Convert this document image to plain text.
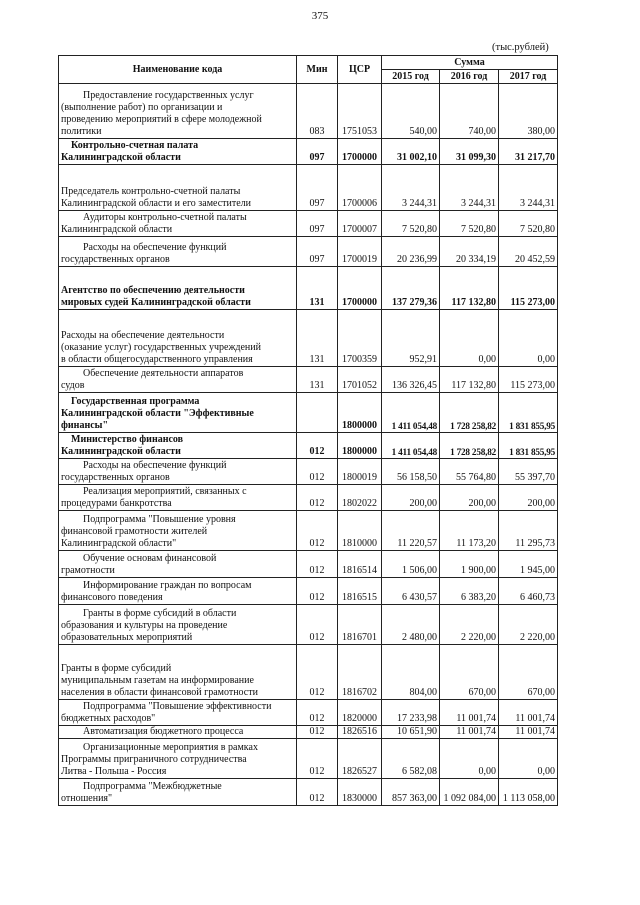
375
(тыс.рублей)
Наименование кода	Мин	ЦСР	Сумма		
			2015 год	2016 год	2017 год

Предоставление государственных услуг
(выполнение работ) по организации и
проведению мероприятий в сфере молодежной
политики	083	1751053	540,00	740,00	380,00

Контрольно-счетная палата
Калининградской области	097	1700000	31 002,10	31 099,30	31 217,70

Председатель контрольно-счетной палаты
Калининградской области и его заместители	097	1700006	3 244,31	3 244,31	3 244,31

Аудиторы контрольно-счетной палаты
Калининградской области	097	1700007	7 520,80	7 520,80	7 520,80

Расходы на обеспечение функций
государственных органов	097	1700019	20 236,99	20 334,19	20 452,59

Агентство по обеспечению деятельности
мировых судей Калининградской области	131	1700000	137 279,36	117 132,80	115 273,00

Расходы на обеспечение деятельности
(оказание услуг) государственных учреждений
в области общегосударственного управления	131	1700359	952,91	0,00	0,00

Обеспечение деятельности аппаратов
судов	131	1701052	136 326,45	117 132,80	115 273,00

Государственная программа
Калининградской области "Эффективные
финансы"		1800000	1 411 054,48	1 728 258,82	1 831 855,95

Министерство финансов
Калининградской области	012	1800000	1 411 054,48	1 728 258,82	1 831 855,95

Расходы на обеспечение функций
государственных органов	012	1800019	56 158,50	55 764,80	55 397,70

Реализация мероприятий, связанных с
процедурами банкротства	012	1802022	200,00	200,00	200,00

Подпрограмма "Повышение уровня
финансовой грамотности жителей
Калининградской области"	012	1810000	11 220,57	11 173,20	11 295,73

Обучение основам финансовой
грамотности	012	1816514	1 506,00	1 900,00	1 945,00

Информирование граждан по вопросам
финансового поведения	012	1816515	6 430,57	6 383,20	6 460,73

Гранты в форме субсидий в области
образования и культуры на проведение
образовательных мероприятий	012	1816701	2 480,00	2 220,00	2 220,00

Гранты в форме субсидий
муниципальным газетам на информирование
населения в области финансовой грамотности	012	1816702	804,00	670,00	670,00

Подпрограмма "Повышение эффективности
бюджетных расходов"	012	1820000	17 233,98	11 001,74	11 001,74

Автоматизация бюджетного процесса	012	1826516	10 651,90	11 001,74	11 001,74

Организационные мероприятия в рамках
Программы приграничного сотрудничества
Литва - Польша - Россия	012	1826527	6 582,08	0,00	0,00

Подпрограмма "Межбюджетные
отношения"	012	1830000	857 363,00	1 092 084,00	1 113 058,00
